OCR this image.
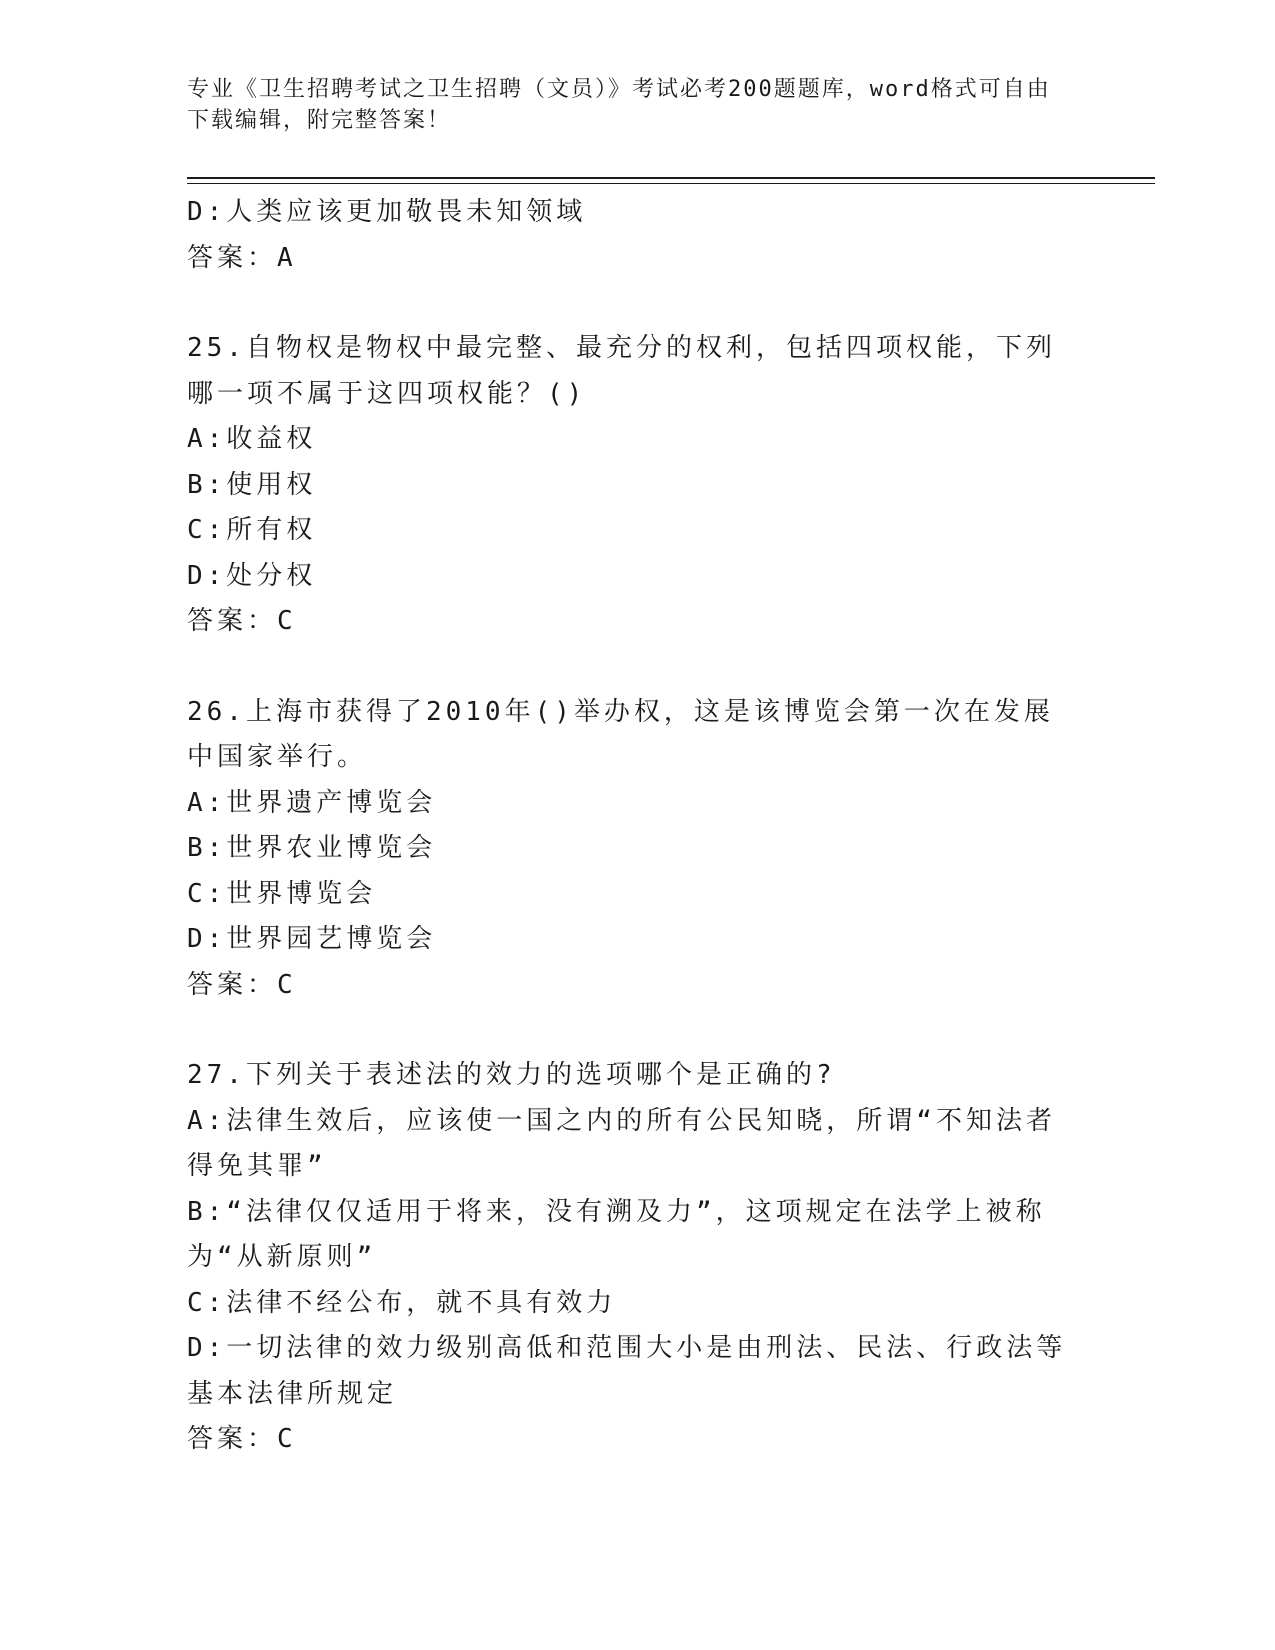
专业《卫生招聘考试之卫生招聘（文员）》考试必考200题题库，word格式可自由下载编辑，附完整答案！

D:人类应该更加敬畏未知领域

答案：A

25.自物权是物权中最完整、最充分的权利，包括四项权能，下列哪一项不属于这四项权能？()

A:收益权

B:使用权

C:所有权

D:处分权

答案：C

26.上海市获得了2010年()举办权，这是该博览会第一次在发展中国家举行。

A:世界遗产博览会

B:世界农业博览会

C:世界博览会

D:世界园艺博览会

答案：C

27.下列关于表述法的效力的选项哪个是正确的?

A:法律生效后，应该使一国之内的所有公民知晓，所谓“不知法者得免其罪”

B:“法律仅仅适用于将来，没有溯及力”，这项规定在法学上被称为“从新原则”

C:法律不经公布，就不具有效力

D:一切法律的效力级别高低和范围大小是由刑法、民法、行政法等基本法律所规定

答案：C
